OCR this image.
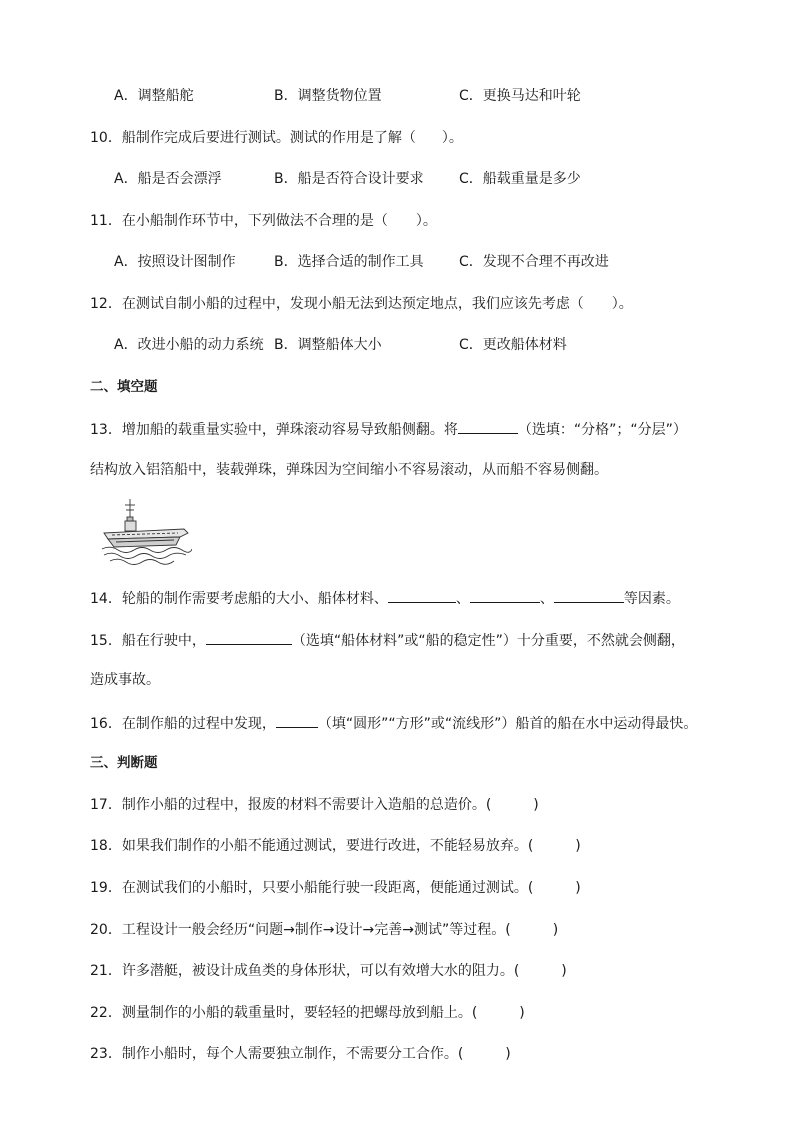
A．调整船舵	B．调整货物位置	C．更换马达和叶轮
10．船制作完成后要进行测试。测试的作用是了解（ ）。
A．船是否会漂浮	B．船是否符合设计要求	C．船载重量是多少
11．在小船制作环节中，下列做法不合理的是（　　）。
A．按照设计图制作	B．选择合适的制作工具	C．发现不合理不再改进
12．在测试自制小船的过程中，发现小船无法到达预定地点，我们应该先考虑（　　）。
A．改进小船的动力系统 B．调整船体大小	C．更改船体材料
二、填空题
13．增加船的载重量实验中，弹珠滚动容易导致船侧翻。将	（选填：“分格”；“分层”）
结构放入铝箔船中，装载弹珠，弹珠因为空间缩小不容易滚动，从而船不容易侧翻。
14．轮船的制作需要考虑船的大小、船体材料、	、	、	等因素。
15．船在行驶中，	（选填“船体材料”或“船的稳定性”）十分重要，不然就会侧翻，
造成事故。
16．在制作船的过程中发现，	（填“圆形”“方形”或“流线形”）船首的船在水中运动得最快。
三、判断题
17．制作小船的过程中，报废的材料不需要计入造船的总造价。(　　　)
18．如果我们制作的小船不能通过测试，要进行改进，不能轻易放弃。(　　　)
19．在测试我们的小船时，只要小船能行驶一段距离，便能通过测试。(　　　)
20．工程设计一般会经历“问题→制作→设计→完善→测试”等过程。(　　　)
21．许多潜艇，被设计成鱼类的身体形状，可以有效增大水的阻力。(　　　)
22．测量制作的小船的载重量时，要轻轻的把螺母放到船上。(　　　)
23．制作小船时，每个人需要独立制作，不需要分工合作。(　　　)
